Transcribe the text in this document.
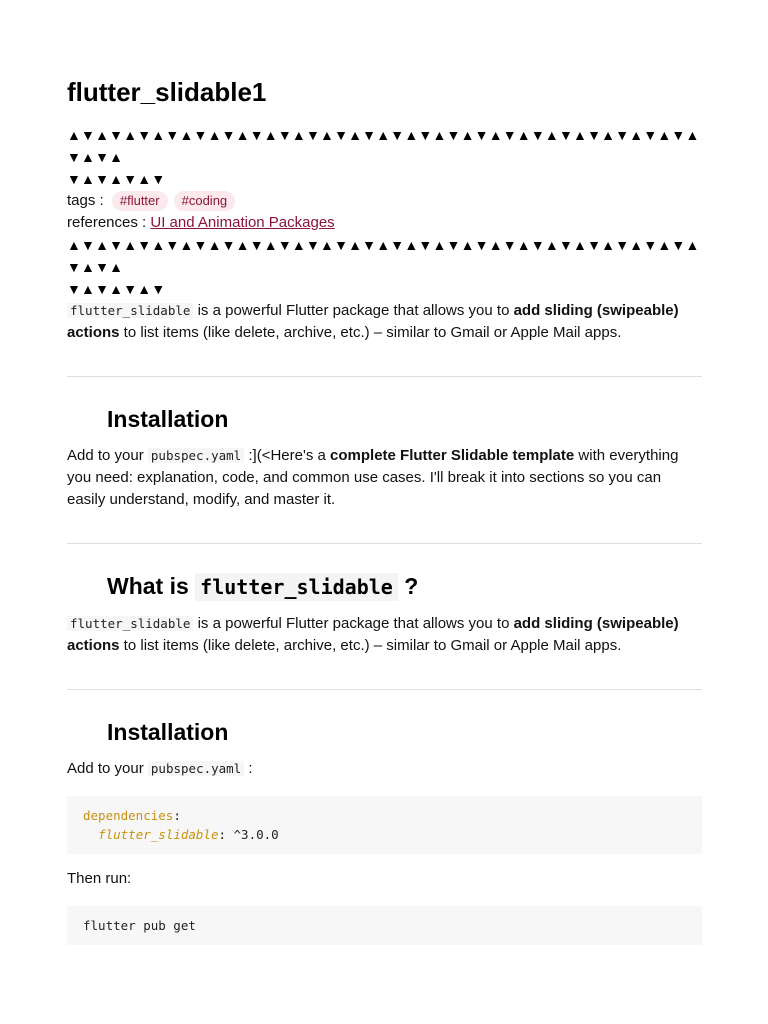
flutter_slidable1
▲▼▲▼▲▼▲▼▲▼▲▼▲▼▲▼▲▼▲▼▲▼▲▼▲▼▲▼▲▼▲▼▲▼▲▼▲▼▲▼▲▼▲▼▲▼▲▼▲
▼▲▼▲▼▲▼
tags : #flutter #coding
references : UI and Animation Packages
▲▼▲▼▲▼▲▼▲▼▲▼▲▼▲▼▲▼▲▼▲▼▲▼▲▼▲▼▲▼▲▼▲▼▲▼▲▼▲▼▲▼▲▼▲▼▲▼▲
▼▲▼▲▼▲▼

flutter_slidable is a powerful Flutter package that allows you to add sliding (swipeable) actions to list items (like delete, archive, etc.) – similar to Gmail or Apple Mail apps.

Installation

Add to your pubspec.yaml :](<Here's a complete Flutter Slidable template with everything you need: explanation, code, and common use cases. I'll break it into sections so you can easily understand, modify, and master it.

What is flutter_slidable ?

flutter_slidable is a powerful Flutter package that allows you to add sliding (swipeable) actions to list items (like delete, archive, etc.) – similar to Gmail or Apple Mail apps.

Installation

Add to your pubspec.yaml :

dependencies:
flutter_slidable: ^3.0.0

Then run:

flutter pub get
